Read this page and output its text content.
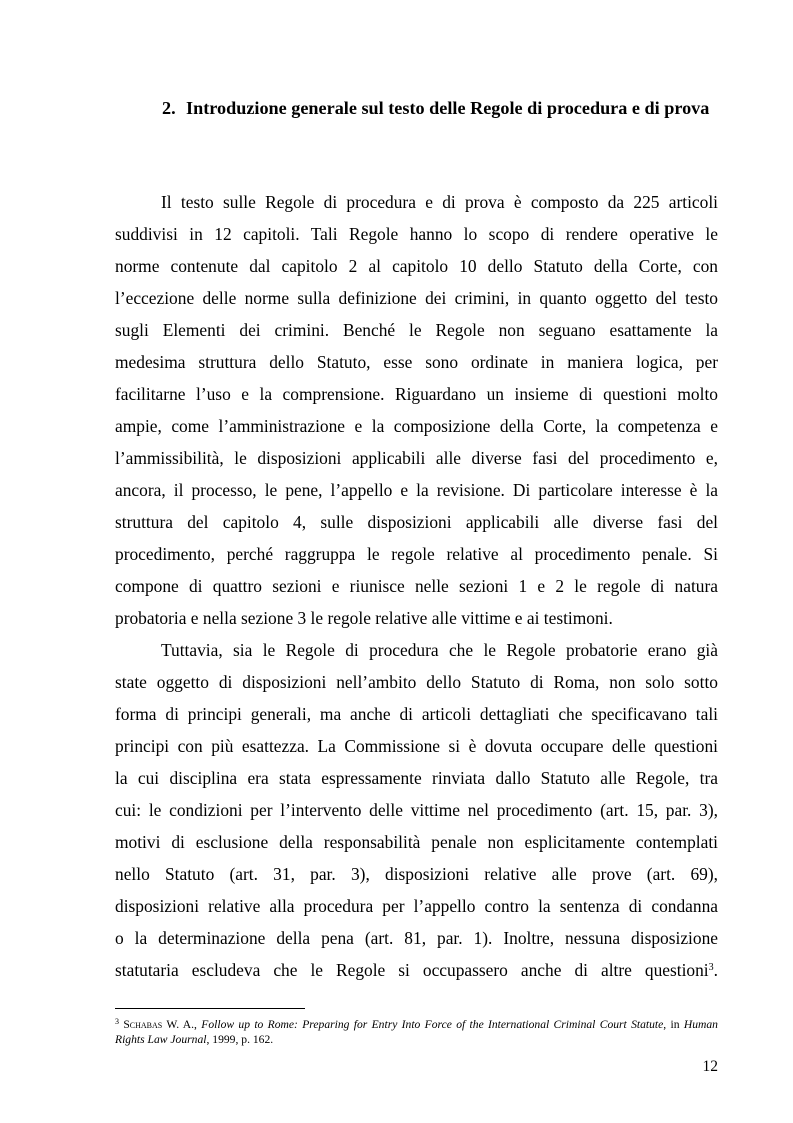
2. Introduzione generale sul testo delle Regole di procedura e di prova
Il testo sulle Regole di procedura e di prova è composto da 225 articoli
suddivisi in 12 capitoli. Tali Regole hanno lo scopo di rendere operative le
norme contenute dal capitolo 2 al capitolo 10 dello Statuto della Corte, con
l’eccezione delle norme sulla definizione dei crimini, in quanto oggetto del testo
sugli Elementi dei crimini. Benché le Regole non seguano esattamente la
medesima struttura dello Statuto, esse sono ordinate in maniera logica, per
facilitarne l’uso e la comprensione. Riguardano un insieme di questioni molto
ampie, come l’amministrazione e la composizione della Corte, la competenza e
l’ammissibilità, le disposizioni applicabili alle diverse fasi del procedimento e,
ancora, il processo, le pene, l’appello e la revisione. Di particolare interesse è la
struttura del capitolo 4, sulle disposizioni applicabili alle diverse fasi del
procedimento, perché raggruppa le regole relative al procedimento penale. Si
compone di quattro sezioni e riunisce nelle sezioni 1 e 2 le regole di natura
probatoria e nella sezione 3 le regole relative alle vittime e ai testimoni.
Tuttavia, sia le Regole di procedura che le Regole probatorie erano già
state oggetto di disposizioni nell’ambito dello Statuto di Roma, non solo sotto
forma di principi generali, ma anche di articoli dettagliati che specificavano tali
principi con più esattezza. La Commissione si è dovuta occupare delle questioni
la cui disciplina era stata espressamente rinviata dallo Statuto alle Regole, tra
cui: le condizioni per l’intervento delle vittime nel procedimento (art. 15, par. 3),
motivi di esclusione della responsabilità penale non esplicitamente contemplati
nello Statuto (art. 31, par. 3), disposizioni relative alle prove (art. 69),
disposizioni relative alla procedura per l’appello contro la sentenza di condanna
o la determinazione della pena (art. 81, par. 1). Inoltre, nessuna disposizione
statutaria escludeva che le Regole si occupassero anche di altre questioni$^3$.
$^3$ Schabas W. A., Follow up to Rome: Preparing for Entry Into Force of the International Criminal Court Statute, in Human Rights Law Journal, 1999, p. 162.
12
